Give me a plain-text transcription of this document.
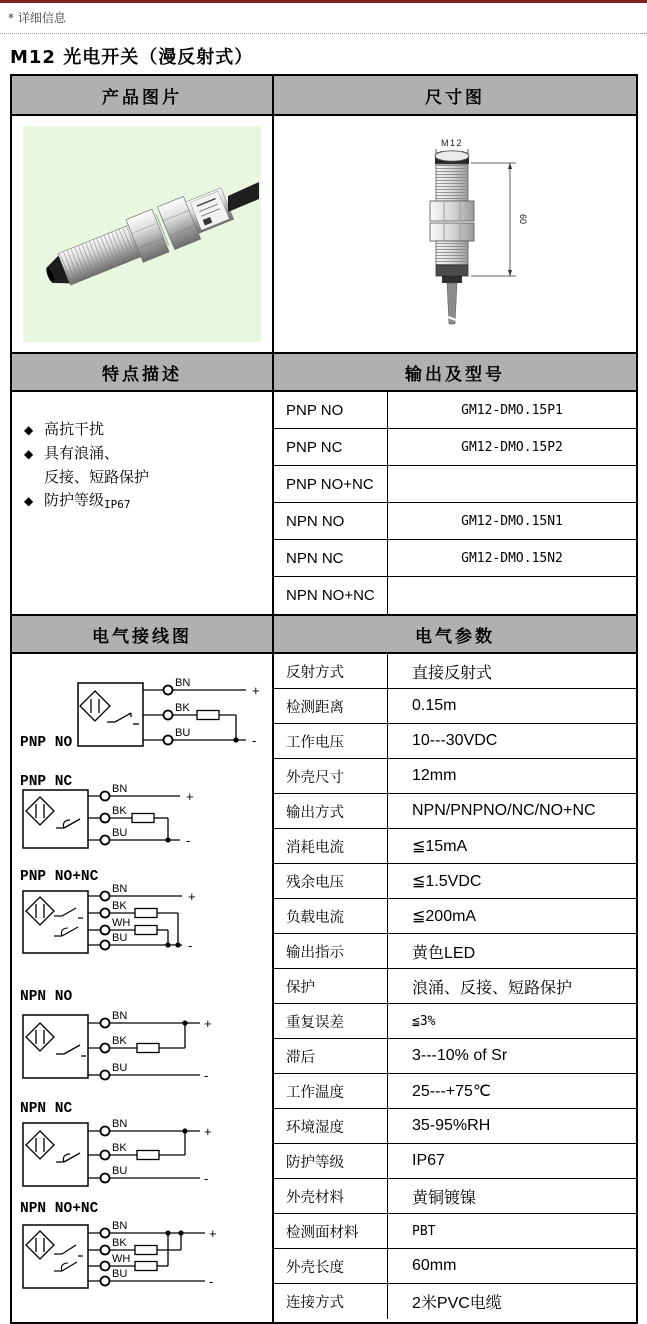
* 详细信息
M12 光电开关（漫反射式）
产品图片	尺寸图
M12
60
特点描述	输出及型号
◆ 高抗干扰
◆ 具有浪涌、
反接、短路保护
◆ 防护等级 IP67
PNP NO	GM12-DMO.15P1
PNP NC	GM12-DMO.15P2
PNP NO+NC
NPN NO	GM12-DMO.15N1
NPN NC	GM12-DMO.15N2
NPN NO+NC
电气接线图	电气参数
PNP NO
BN
BK
BU
+
-
PNP NC	BN
BK
BU
+
-
PNP NO+NC
BN
BK
WH
BU
+
-
NPN NO
BN
BK
BU
+
-
NPN NC
BN
BK
BU
+
-
NPN NO+NC
BN
BK
WH
BU
+
-
反射方式	直接反射式
检测距离	0.15m
工作电压	10---30VDC
外壳尺寸	12mm
输出方式	NPN/PNPNO/NC/NO+NC
消耗电流	≦15mA
残余电压	≦1.5VDC
负载电流	≦200mA
输出指示	黄色LED
保护	浪涌、反接、短路保护
重复误差	≦3%
滞后	3---10% of Sr
工作温度	25---+75℃
环境湿度	35-95%RH
防护等级	IP67
外壳材料	黄铜镀镍
检测面材料	PBT
外壳长度	60mm
连接方式	2米PVC电缆
